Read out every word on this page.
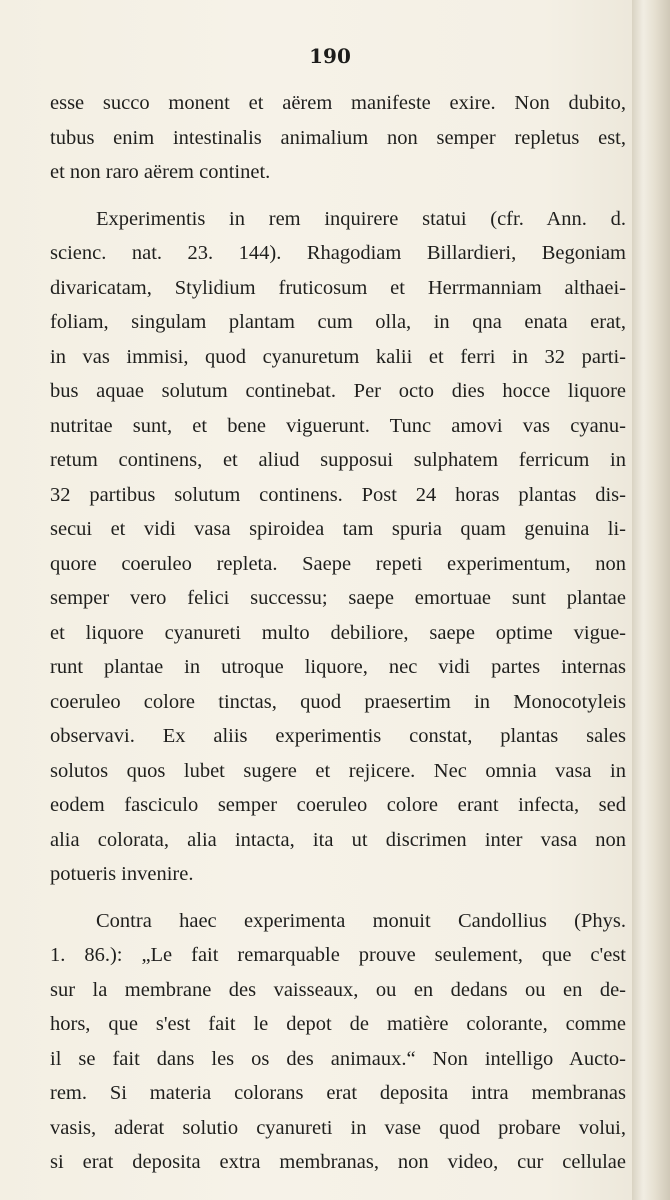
190
esse succo monent et aërem manifeste exire. Non dubito,
tubus enim intestinalis animalium non semper repletus est,
et non raro aërem continet.
Experimentis in rem inquirere statui (cfr. Ann. d.
scienc. nat. 23. 144). Rhagodiam Billardieri, Begoniam
divaricatam, Stylidium fruticosum et Herrmanniam althaei-
foliam, singulam plantam cum olla, in qna enata erat,
in vas immisi, quod cyanuretum kalii et ferri in 32 parti-
bus aquae solutum continebat. Per octo dies hocce liquore
nutritae sunt, et bene viguerunt. Tunc amovi vas cyanu-
retum continens, et aliud supposui sulphatem ferricum in
32 partibus solutum continens. Post 24 horas plantas dis-
secui et vidi vasa spiroidea tam spuria quam genuina li-
quore coeruleo repleta. Saepe repeti experimentum, non
semper vero felici successu; saepe emortuae sunt plantae
et liquore cyanureti multo debiliore, saepe optime vigue-
runt plantae in utroque liquore, nec vidi partes internas
coeruleo colore tinctas, quod praesertim in Monocotyleis
observavi. Ex aliis experimentis constat, plantas sales
solutos quos lubet sugere et rejicere. Nec omnia vasa in
eodem fasciculo semper coeruleo colore erant infecta, sed
alia colorata, alia intacta, ita ut discrimen inter vasa non
potueris invenire.
Contra haec experimenta monuit Candollius (Phys.
1. 86.): „Le fait remarquable prouve seulement, que c'est
sur la membrane des vaisseaux, ou en dedans ou en de-
hors, que s'est fait le depot de matière colorante, comme
il se fait dans les os des animaux.“ Non intelligo Aucto-
rem. Si materia colorans erat deposita intra membranas
vasis, aderat solutio cyanureti in vase quod probare volui,
si erat deposita extra membranas, non video, cur cellulae
